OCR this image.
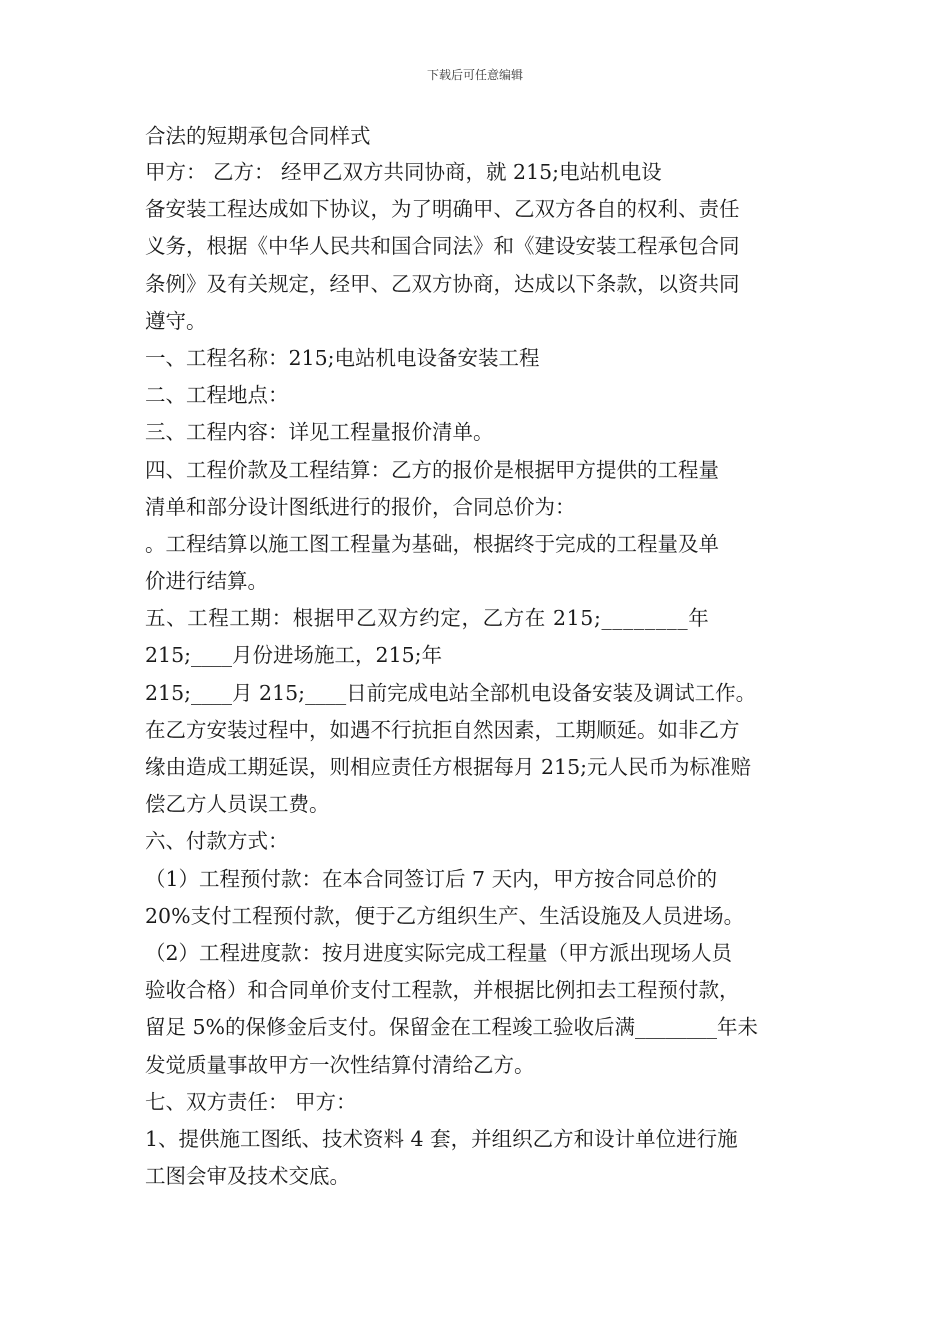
下载后可任意编辑
合法的短期承包合同样式
甲方： 乙方： 经甲乙双方共同协商，就 215;电站机电设
备安装工程达成如下协议，为了明确甲、乙双方各自的权利、责任
义务，根据《中华人民共和国合同法》和《建设安装工程承包合同
条例》及有关规定，经甲、乙双方协商，达成以下条款，以资共同
遵守。
一、工程名称：215;电站机电设备安装工程
二、工程地点：
三、工程内容：详见工程量报价清单。
四、工程价款及工程结算：乙方的报价是根据甲方提供的工程量
清单和部分设计图纸进行的报价，合同总价为：
。工程结算以施工图工程量为基础，根据终于完成的工程量及单
价进行结算。
五、工程工期：根据甲乙双方约定，乙方在 215;________年
215;____月份进场施工，215;年
215;____月 215;____日前完成电站全部机电设备安装及调试工作。
在乙方安装过程中，如遇不行抗拒自然因素，工期顺延。如非乙方
缘由造成工期延误，则相应责任方根据每月 215;元人民币为标准赔
偿乙方人员误工费。
六、付款方式：
（1）工程预付款：在本合同签订后 7 天内，甲方按合同总价的
20%支付工程预付款，便于乙方组织生产、生活设施及人员进场。
（2）工程进度款：按月进度实际完成工程量（甲方派出现场人员
验收合格）和合同单价支付工程款，并根据比例扣去工程预付款，
留足 5%的保修金后支付。保留金在工程竣工验收后满________年未
发觉质量事故甲方一次性结算付清给乙方。
七、双方责任： 甲方：
1、提供施工图纸、技术资料 4 套，并组织乙方和设计单位进行施
工图会审及技术交底。
